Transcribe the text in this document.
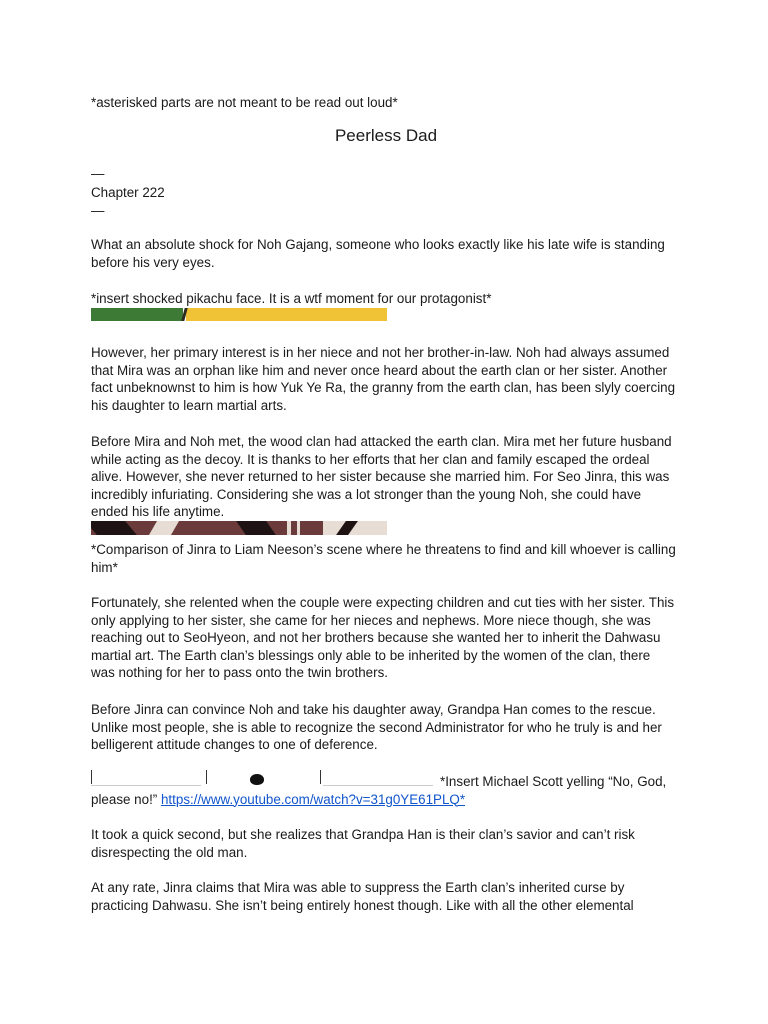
*asterisked parts are not meant to be read out loud*

Peerless Dad

—

Chapter 222

—

What an absolute shock for Noh Gajang, someone who looks exactly like his late wife is standing before his very eyes.

*insert shocked pikachu face. It is a wtf moment for our protagonist*

However, her primary interest is in her niece and not her brother-in-law. Noh had always assumed that Mira was an orphan like him and never once heard about the earth clan or her sister. Another fact unbeknownst to him is how Yuk Ye Ra, the granny from the earth clan, has been slyly coercing his daughter to learn martial arts.

Before Mira and Noh met, the wood clan had attacked the earth clan. Mira met her future husband while acting as the decoy. It is thanks to her efforts that her clan and family escaped the ordeal alive. However, she never returned to her sister because she married him. For Seo Jinra, this was incredibly infuriating. Considering she was a lot stronger than the young Noh, she could have ended his life anytime.

*Comparison of Jinra to Liam Neeson’s scene where he threatens to find and kill whoever is calling him*

Fortunately, she relented when the couple were expecting children and cut ties with her sister. This only applying to her sister, she came for her nieces and nephews. More niece though, she was reaching out to SeoHyeon, and not her brothers because she wanted her to inherit the Dahwasu martial art. The Earth clan’s blessings only able to be inherited by the women of the clan, there was nothing for her to pass onto the twin brothers.

Before Jinra can convince Noh and take his daughter away, Grandpa Han comes to the rescue. Unlike most people, she is able to recognize the second Administrator for who he truly is and her belligerent attitude changes to one of deference.

*Insert Michael Scott yelling “No, God, please no!” https://www.youtube.com/watch?v=31g0YE61PLQ*

It took a quick second, but she realizes that Grandpa Han is their clan’s savior and can’t risk disrespecting the old man.

At any rate, Jinra claims that Mira was able to suppress the Earth clan’s inherited curse by practicing Dahwasu. She isn’t being entirely honest though. Like with all the other elemental
